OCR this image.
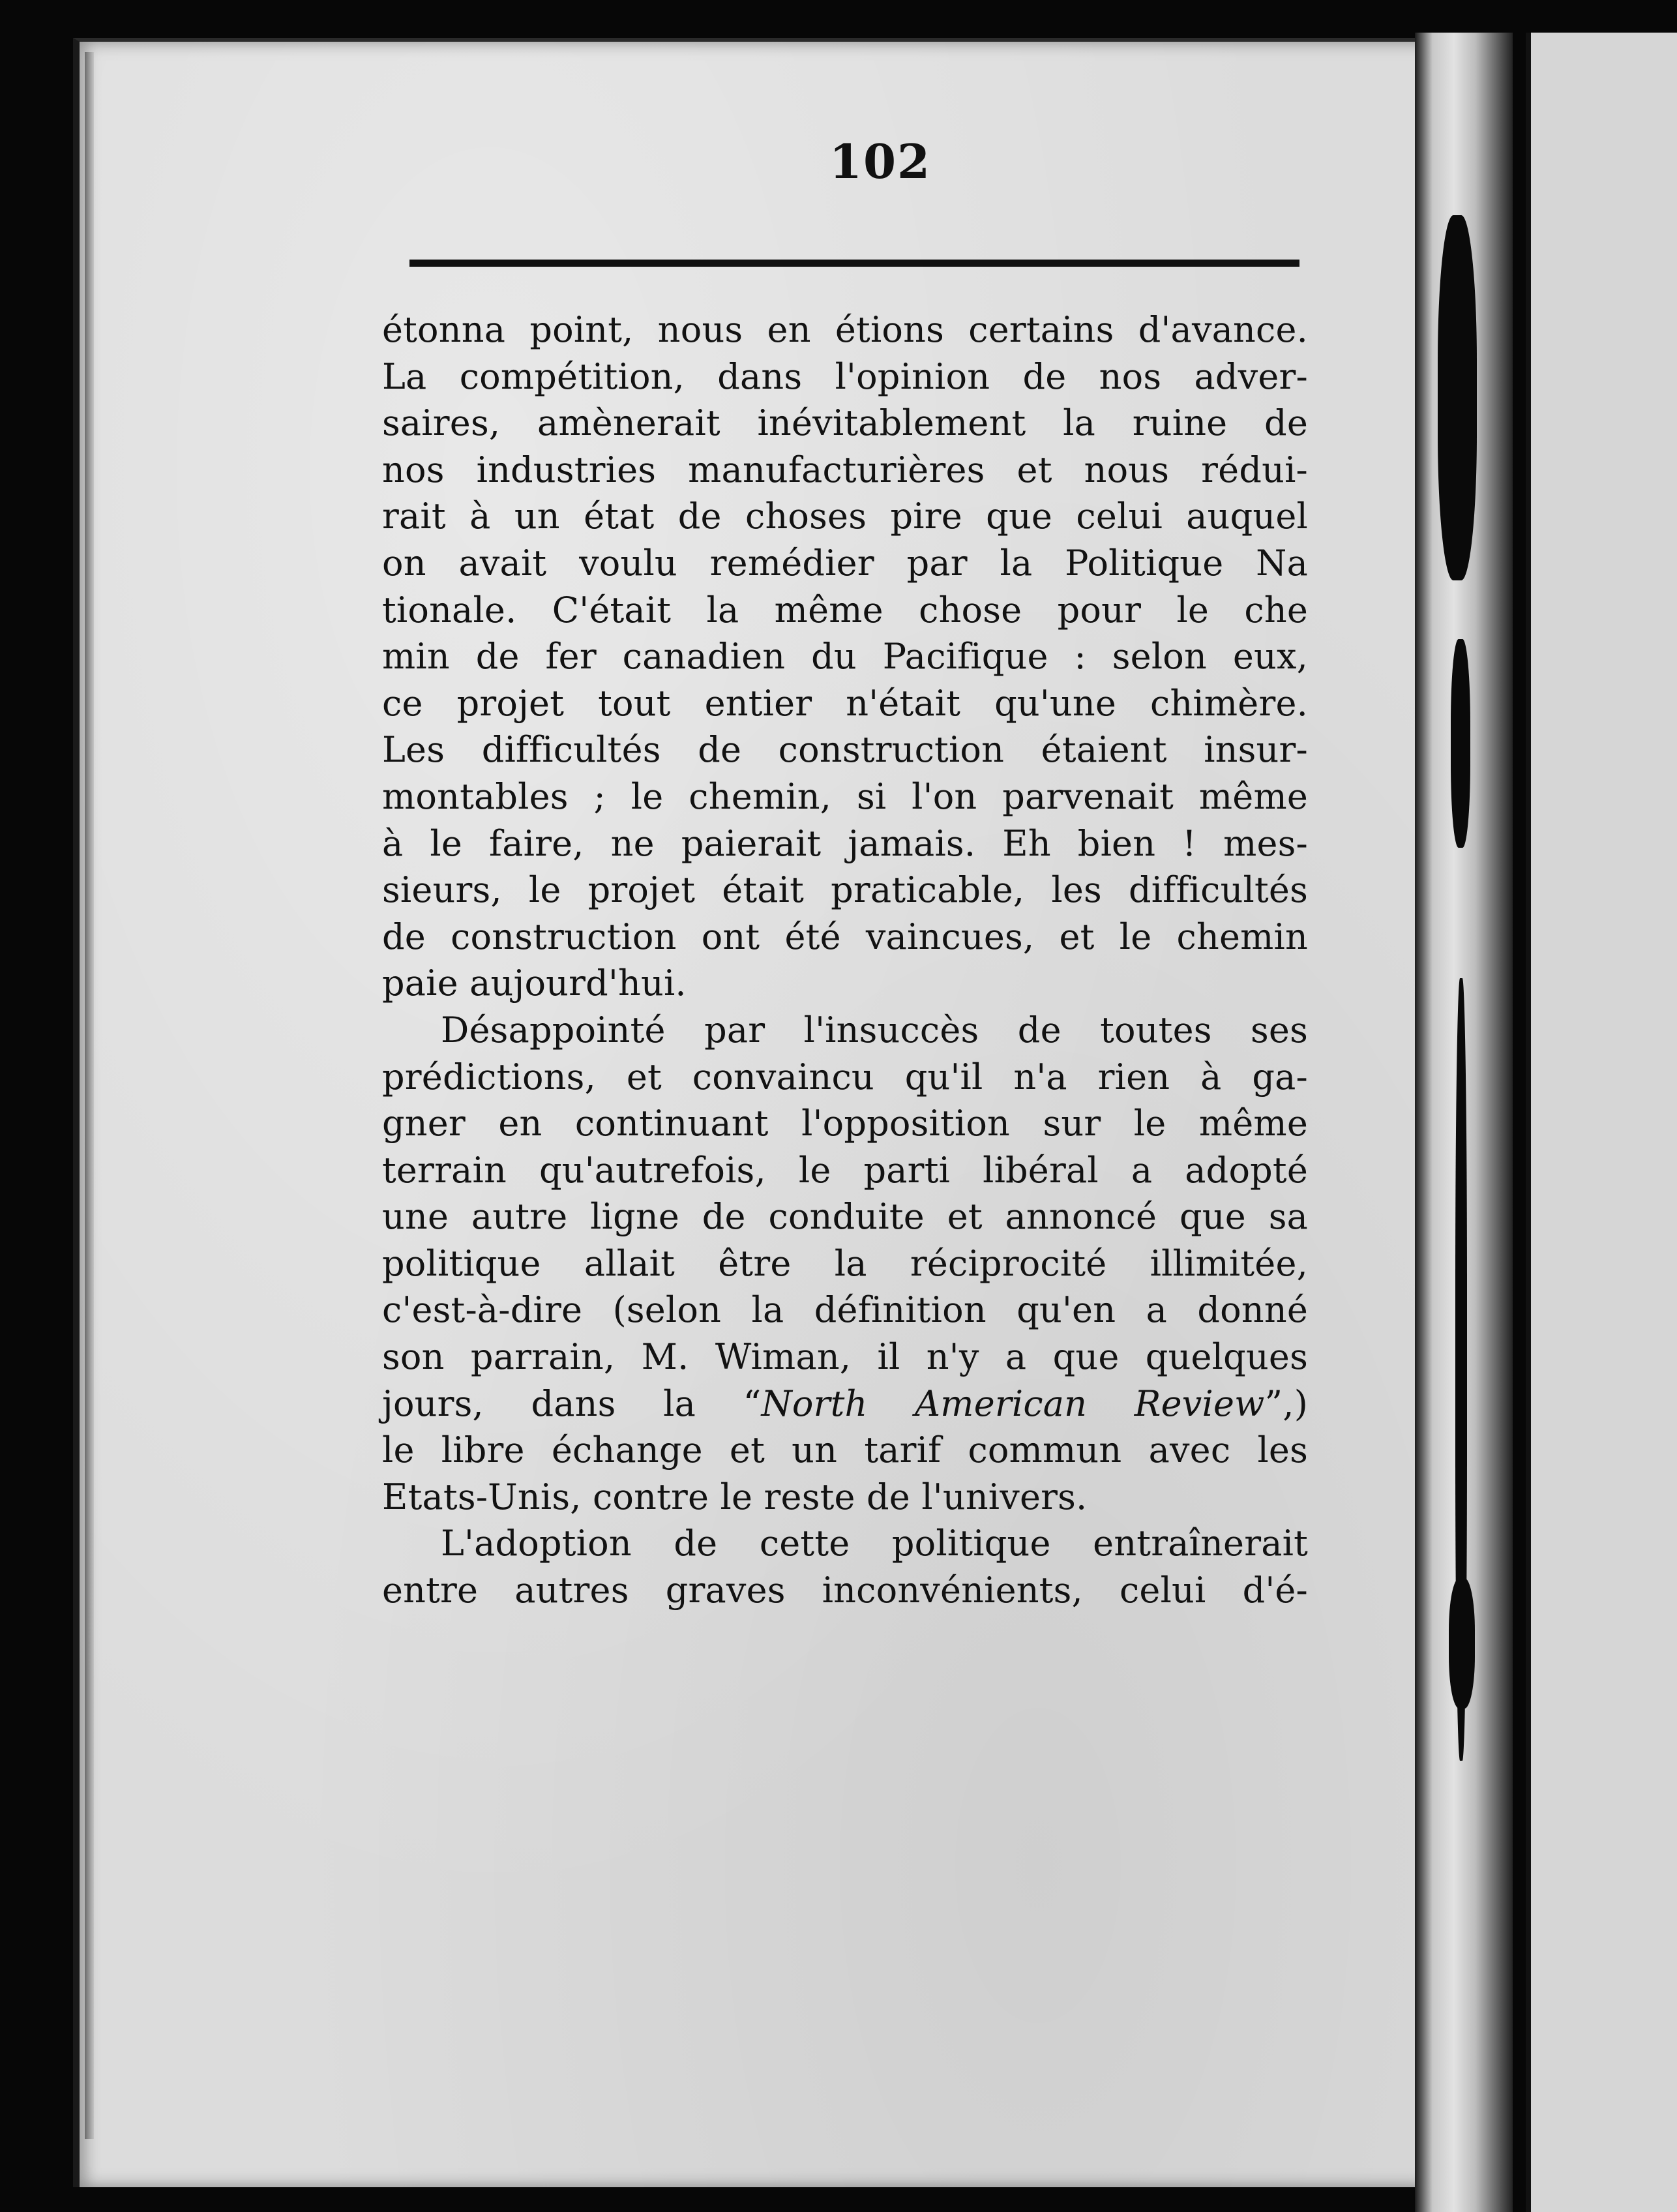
102
étonna point, nous en étions certains d'avance.
La compétition, dans l'opinion de nos adver-
saires, amènerait inévitablement la ruine de
nos industries manufacturières et nous rédui-
rait à un état de choses pire que celui auquel
on avait voulu remédier par la Politique Na
tionale. C'était la même chose pour le che
min de fer canadien du Pacifique : selon eux,
ce projet tout entier n'était qu'une chimère.
Les difficultés de construction étaient insur-
montables ; le chemin, si l'on parvenait même
à le faire, ne paierait jamais. Eh bien ! mes-
sieurs, le projet était praticable, les difficultés
de construction ont été vaincues, et le chemin
paie aujourd'hui.
Désappointé par l'insuccès de toutes ses
prédictions, et convaincu qu'il n'a rien à ga-
gner en continuant l'opposition sur le même
terrain qu'autrefois, le parti libéral a adopté
une autre ligne de conduite et annoncé que sa
politique allait être la réciprocité illimitée,
c'est-à-dire (selon la définition qu'en a donné
son parrain, M. Wiman, il n'y a que quelques
jours, dans la “North American Review”,)
le libre échange et un tarif commun avec les
Etats-Unis, contre le reste de l'univers.
L'adoption de cette politique entraînerait
entre autres graves inconvénients, celui d'é-
